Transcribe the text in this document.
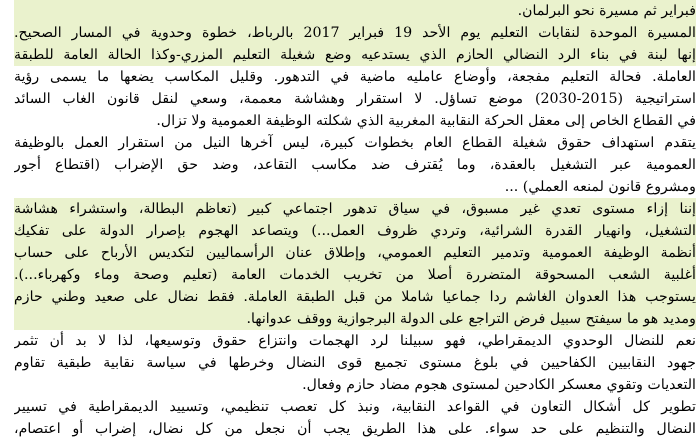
فبراير ثم مسيرة نحو البرلمان.
المسيرة الموحدة لنقابات التعليم يوم الأحد 19 فبراير 2017 بالرباط، خطوة وحدوية في المسار الصحيح.
إنها لبنة في بناء الرد النضالي الحازم الذي يستدعيه وضع شغيلة التعليم المزري-وكذا الحالة العامة للطبقة
العاملة. فحالة التعليم مفجعة، وأوضاع عامليه ماضية في التدهور. وقليل المكاسب يضعها ما يسمى رؤية
استراتيجية (2015-2030) موضع تساؤل. لا استقرار وهشاشة معممة، وسعي لنقل قانون الغاب السائد
في القطاع الخاص إلى معقل الحركة النقابية المغربية الذي شكلته الوظيفة العمومية ولا تزال.
يتقدم استهداف حقوق شغيلة القطاع العام بخطوات كبيرة، ليس آخرها النيل من استقرار العمل بالوظيفة
العمومية عبر التشغيل بالعقدة، وما يُقترف ضد مكاسب التقاعد، وضد حق الإضراب (اقتطاع أجور
ومشروع قانون لمنعه العملي) ...
إننا إزاء مستوى تعدي غير مسبوق، في سياق تدهور اجتماعي كبير (تعاظم البطالة، واستشراء هشاشة
التشغيل، وانهيار القدرة الشرائية، وتردي ظروف العمل...) ويتصاعد الهجوم بإصرار الدولة على تفكيك
أنظمة الوظيفة العمومية وتدمير التعليم العمومي، وإطلاق عنان الرأسماليين لتكديس الأرباح على حساب
أغلبية الشعب المسحوقة المتضررة أصلا من تخريب الخدمات العامة (تعليم وصحة وماء وكهرباء...).
يستوجب هذا العدوان الغاشم ردا جماعيا شاملا من قبل الطبقة العاملة. فقط نضال على صعيد وطني حازم
ومديد هو ما سيفتح سبيل فرض التراجع على الدولة البرجوازية ووقف عدوانها.
نعم للنضال الوحدوي الديمقراطي، فهو سبيلنا لرد الهجمات وانتزاع حقوق وتوسيعها، لذا لا بد أن تثمر
جهود النقابيين الكفاحيين في بلوغ مستوى تجميع قوى النضال وخرطها في سياسة نقابية طبقية تقاوم
التعديات وتقوي معسكر الكادحين لمستوى هجوم مضاد حازم وفعال.
تطوير كل أشكال التعاون في القواعد النقابية، ونبذ كل تعصب تنظيمي، وتسييد الديمقراطية في تسيير
النضال والتنظيم على حد سواء. على هذا الطريق يجب أن نجعل من كل نضال، إضراب أو اعتصام،
